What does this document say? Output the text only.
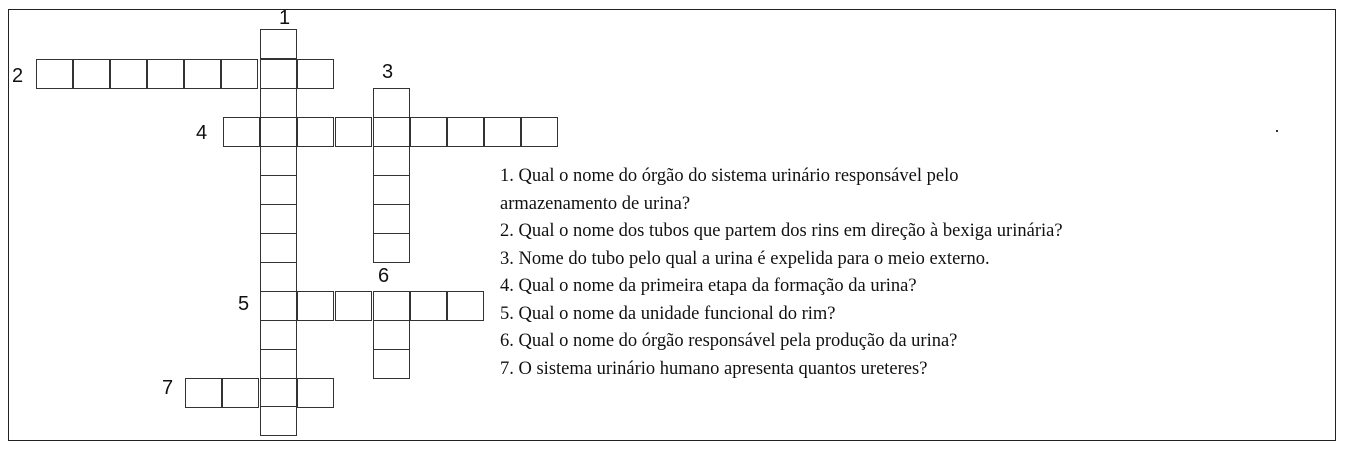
1
2	3
4
5
6
7
1. Qual o nome do órgão do sistema urinário responsável pelo
armazenamento de urina?
2. Qual o nome dos tubos que partem dos rins em direção à bexiga urinária?
3. Nome do tubo pelo qual a urina é expelida para o meio externo.
4. Qual o nome da primeira etapa da formação da urina?
5. Qual o nome da unidade funcional do rim?
6. Qual o nome do órgão responsável pela produção da urina?
7. O sistema urinário humano apresenta quantos ureteres?
